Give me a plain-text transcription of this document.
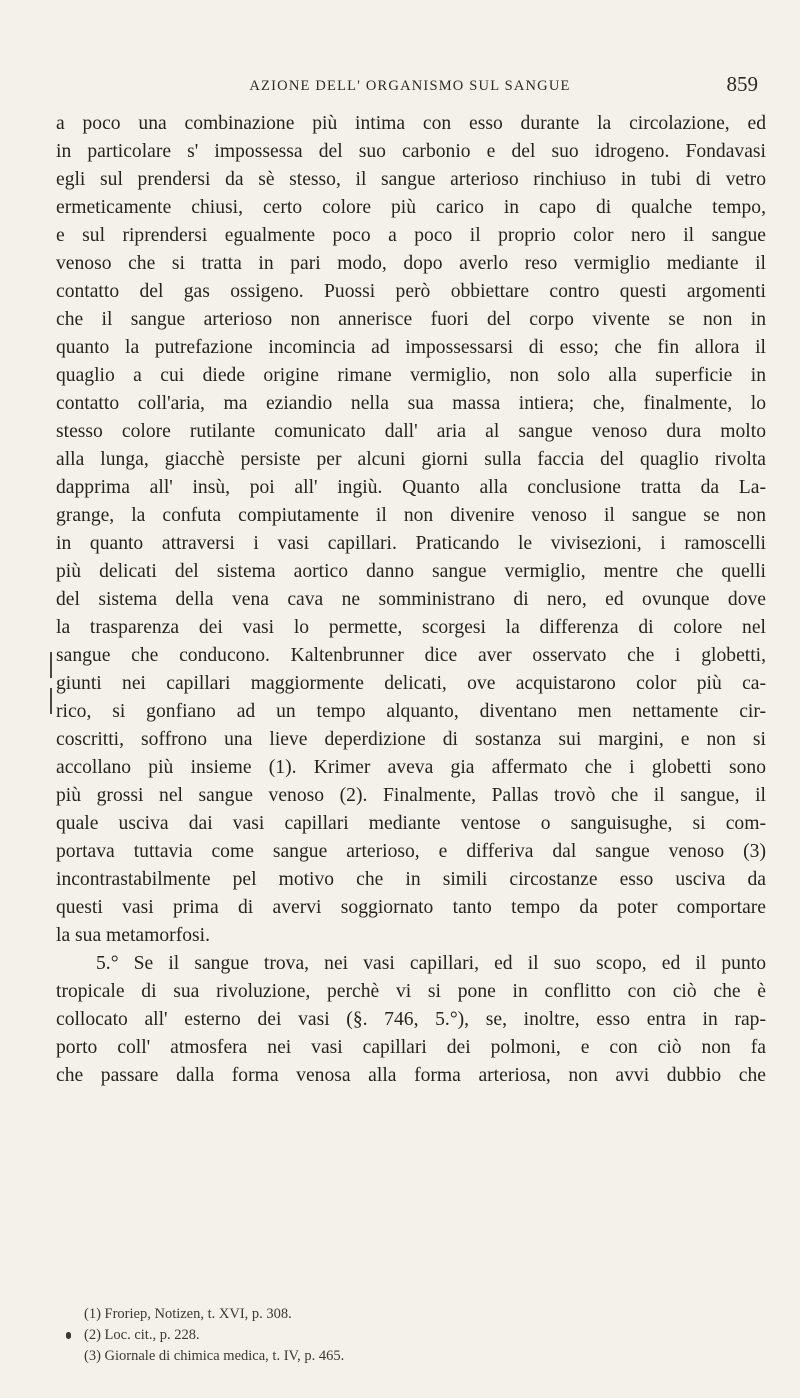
AZIONE DELL' ORGANISMO SUL SANGUE	859
a poco una combinazione più intima con esso durante la circolazione, ed
in particolare s' impossessa del suo carbonio e del suo idrogeno. Fondavasi
egli sul prendersi da sè stesso, il sangue arterioso rinchiuso in tubi di vetro
ermeticamente chiusi, certo colore più carico in capo di qualche tempo,
e sul riprendersi egualmente poco a poco il proprio color nero il sangue
venoso che si tratta in pari modo, dopo averlo reso vermiglio mediante il
contatto del gas ossigeno. Puossi però obbiettare contro questi argomenti
che il sangue arterioso non annerisce fuori del corpo vivente se non in
quanto la putrefazione incomincia ad impossessarsi di esso; che fin allora il
quaglio a cui diede origine rimane vermiglio, non solo alla superficie in
contatto coll'aria, ma eziandio nella sua massa intiera; che, finalmente, lo
stesso colore rutilante comunicato dall' aria al sangue venoso dura molto
alla lunga, giacchè persiste per alcuni giorni sulla faccia del quaglio rivolta
dapprima all' insù, poi all' ingiù. Quanto alla conclusione tratta da La-
grange, la confuta compiutamente il non divenire venoso il sangue se non
in quanto attraversi i vasi capillari. Praticando le vivisezioni, i ramoscelli
più delicati del sistema aortico danno sangue vermiglio, mentre che quelli
del sistema della vena cava ne somministrano di nero, ed ovunque dove
la trasparenza dei vasi lo permette, scorgesi la differenza di colore nel
sangue che conducono. Kaltenbrunner dice aver osservato che i globetti,
giunti nei capillari maggiormente delicati, ove acquistarono color più ca-
rico, si gonfiano ad un tempo alquanto, diventano men nettamente cir-
coscritti, soffrono una lieve deperdizione di sostanza sui margini, e non si
accollano più insieme (1). Krimer aveva gia affermato che i globetti sono
più grossi nel sangue venoso (2). Finalmente, Pallas trovò che il sangue, il
quale usciva dai vasi capillari mediante ventose o sanguisughe, si com-
portava tuttavia come sangue arterioso, e differiva dal sangue venoso (3)
incontrastabilmente pel motivo che in simili circostanze esso usciva da
questi vasi prima di avervi soggiornato tanto tempo da poter comportare
la sua metamorfosi.
5.° Se il sangue trova, nei vasi capillari, ed il suo scopo, ed il punto
tropicale di sua rivoluzione, perchè vi si pone in conflitto con ciò che è
collocato all' esterno dei vasi (§. 746, 5.°), se, inoltre, esso entra in rap-
porto coll' atmosfera nei vasi capillari dei polmoni, e con ciò non fa
che passare dalla forma venosa alla forma arteriosa, non avvi dubbio che
(1) Froriep, Notizen, t. XVI, p. 308.
(2) Loc. cit., p. 228.
(3) Giornale di chimica medica, t. IV, p. 465.
